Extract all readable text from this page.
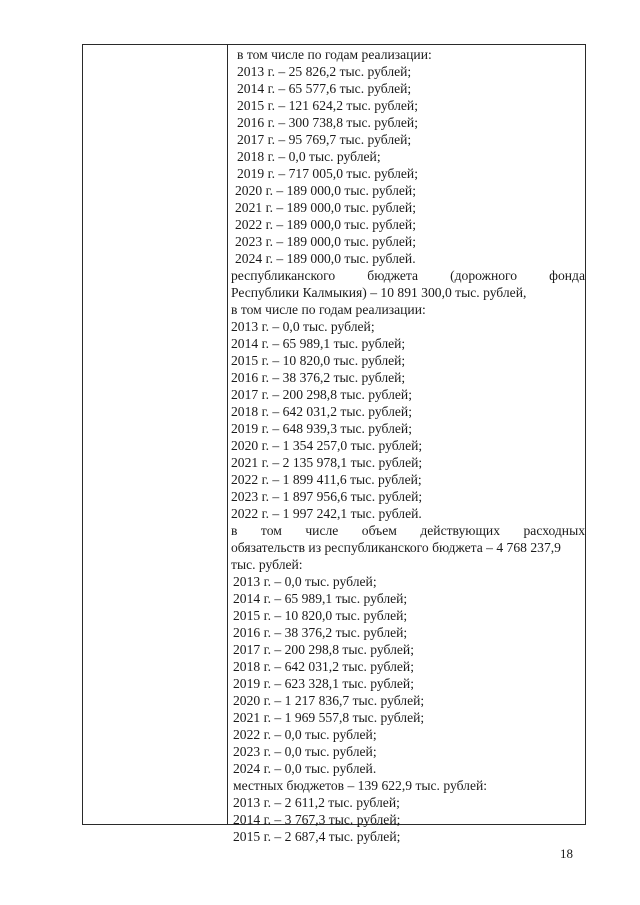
в том числе по годам реализации:
2013 г. – 25 826,2 тыс. рублей;
2014 г. – 65 577,6 тыс. рублей;
2015 г. – 121 624,2 тыс. рублей;
2016 г. – 300 738,8 тыс. рублей;
2017 г. – 95 769,7 тыс. рублей;
2018 г. – 0,0 тыс. рублей;
2019 г. – 717 005,0 тыс. рублей;
2020 г. – 189 000,0 тыс. рублей;
2021 г. – 189 000,0 тыс. рублей;
2022 г. – 189 000,0 тыс. рублей;
2023 г. – 189 000,0 тыс. рублей;
2024 г. – 189 000,0 тыс. рублей.
республиканского бюджета (дорожного фонда
Республики Калмыкия) – 10 891 300,0 тыс. рублей,
в том числе по годам реализации:
2013 г. – 0,0 тыс. рублей;
2014 г. – 65 989,1 тыс. рублей;
2015 г. – 10 820,0 тыс. рублей;
2016 г. – 38 376,2 тыс. рублей;
2017 г. – 200 298,8 тыс. рублей;
2018 г. – 642 031,2 тыс. рублей;
2019 г. – 648 939,3 тыс. рублей;
2020 г. – 1 354 257,0 тыс. рублей;
2021 г. – 2 135 978,1 тыс. рублей;
2022 г. – 1 899 411,6 тыс. рублей;
2023 г. – 1 897 956,6 тыс. рублей;
2022 г. – 1 997 242,1 тыс. рублей.
в том числе объем действующих расходных
обязательств из республиканского бюджета – 4 768 237,9
тыс. рублей:
2013 г. – 0,0 тыс. рублей;
2014 г. – 65 989,1 тыс. рублей;
2015 г. – 10 820,0 тыс. рублей;
2016 г. – 38 376,2 тыс. рублей;
2017 г. – 200 298,8 тыс. рублей;
2018 г. – 642 031,2 тыс. рублей;
2019 г. – 623 328,1 тыс. рублей;
2020 г. – 1 217 836,7 тыс. рублей;
2021 г. – 1 969 557,8 тыс. рублей;
2022 г. – 0,0 тыс. рублей;
2023 г. – 0,0 тыс. рублей;
2024 г. – 0,0 тыс. рублей.
местных бюджетов – 139 622,9 тыс. рублей:
2013 г. – 2 611,2 тыс. рублей;
2014 г. – 3 767,3 тыс. рублей;
2015 г. – 2 687,4 тыс. рублей;
18
